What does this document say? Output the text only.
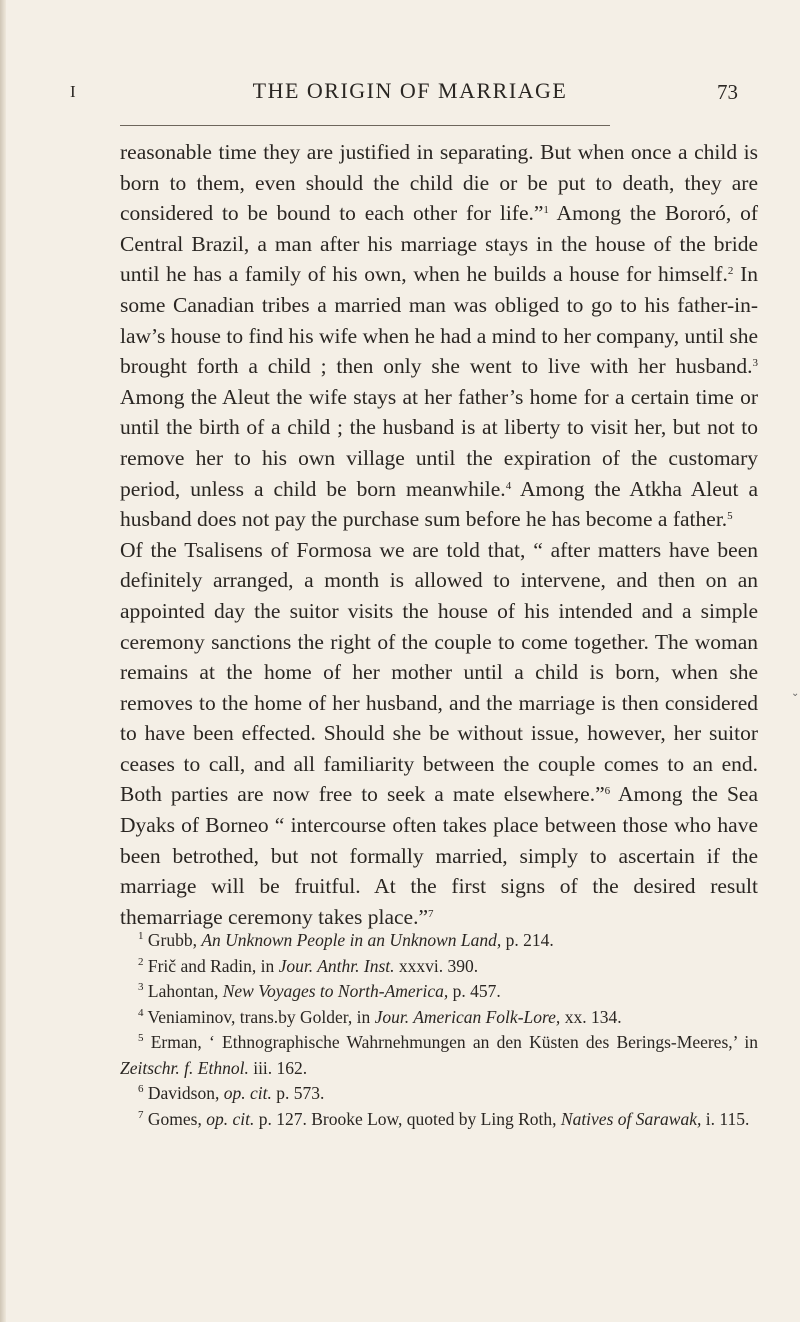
I	THE ORIGIN OF MARRIAGE	73

reasonable time they are justified in separating. But when once a child is born to them, even should the child die or be put to death, they are considered to be bound to each other for life.”$^1$ Among the Bororó, of Central Brazil, a man after his marriage stays in the house of the bride until he has a family of his own, when he builds a house for himself.$^2$ In some Canadian tribes a married man was obliged to go to his father-in-law’s house to find his wife when he had a mind to her company, until she brought forth a child ; then only she went to live with her husband.$^3$ Among the Aleut the wife stays at her father’s home for a certain time or until the birth of a child ; the husband is at liberty to visit her, but not to remove her to his own village until the expiration of the customary period, unless a child be born meanwhile.$^4$ Among the Atkha Aleut a husband does not pay the purchase sum before he has become a father.$^5$

Of the Tsalisens of Formosa we are told that, “ after matters have been definitely arranged, a month is allowed to intervene, and then on an appointed day the suitor visits the house of his intended and a simple ceremony sanctions the right of the couple to come together. The woman remains at the home of her mother until a child is born, when she removes to the home of her husband, and the marriage is then considered to have been effected. Should she be without issue, however, her suitor ceases to call, and all familiarity between the couple comes to an end. Both parties are now free to seek a mate elsewhere.”$^6$ Among the Sea Dyaks of Borneo “ intercourse often takes place between those who have been betrothed, but not formally married, simply to ascertain if the marriage will be fruitful. At the first signs of the desired result themarriage ceremony takes place.”$^7$

$^1$ Grubb, An Unknown People in an Unknown Land, p. 214.
$^2$ Frič and Radin, in Jour. Anthr. Inst. xxxvi. 390.
$^3$ Lahontan, New Voyages to North-America, p. 457.
$^4$ Veniaminov, trans.by Golder, in Jour. American Folk-Lore, xx. 134.
$^5$ Erman, ‘ Ethnographische Wahrnehmungen an den Küsten des Berings-Meeres,’ in Zeitschr. f. Ethnol. iii. 162.
$^6$ Davidson, op. cit. p. 573.
$^7$ Gomes, op. cit. p. 127. Brooke Low, quoted by Ling Roth, Natives of Sarawak, i. 115.
⌄
